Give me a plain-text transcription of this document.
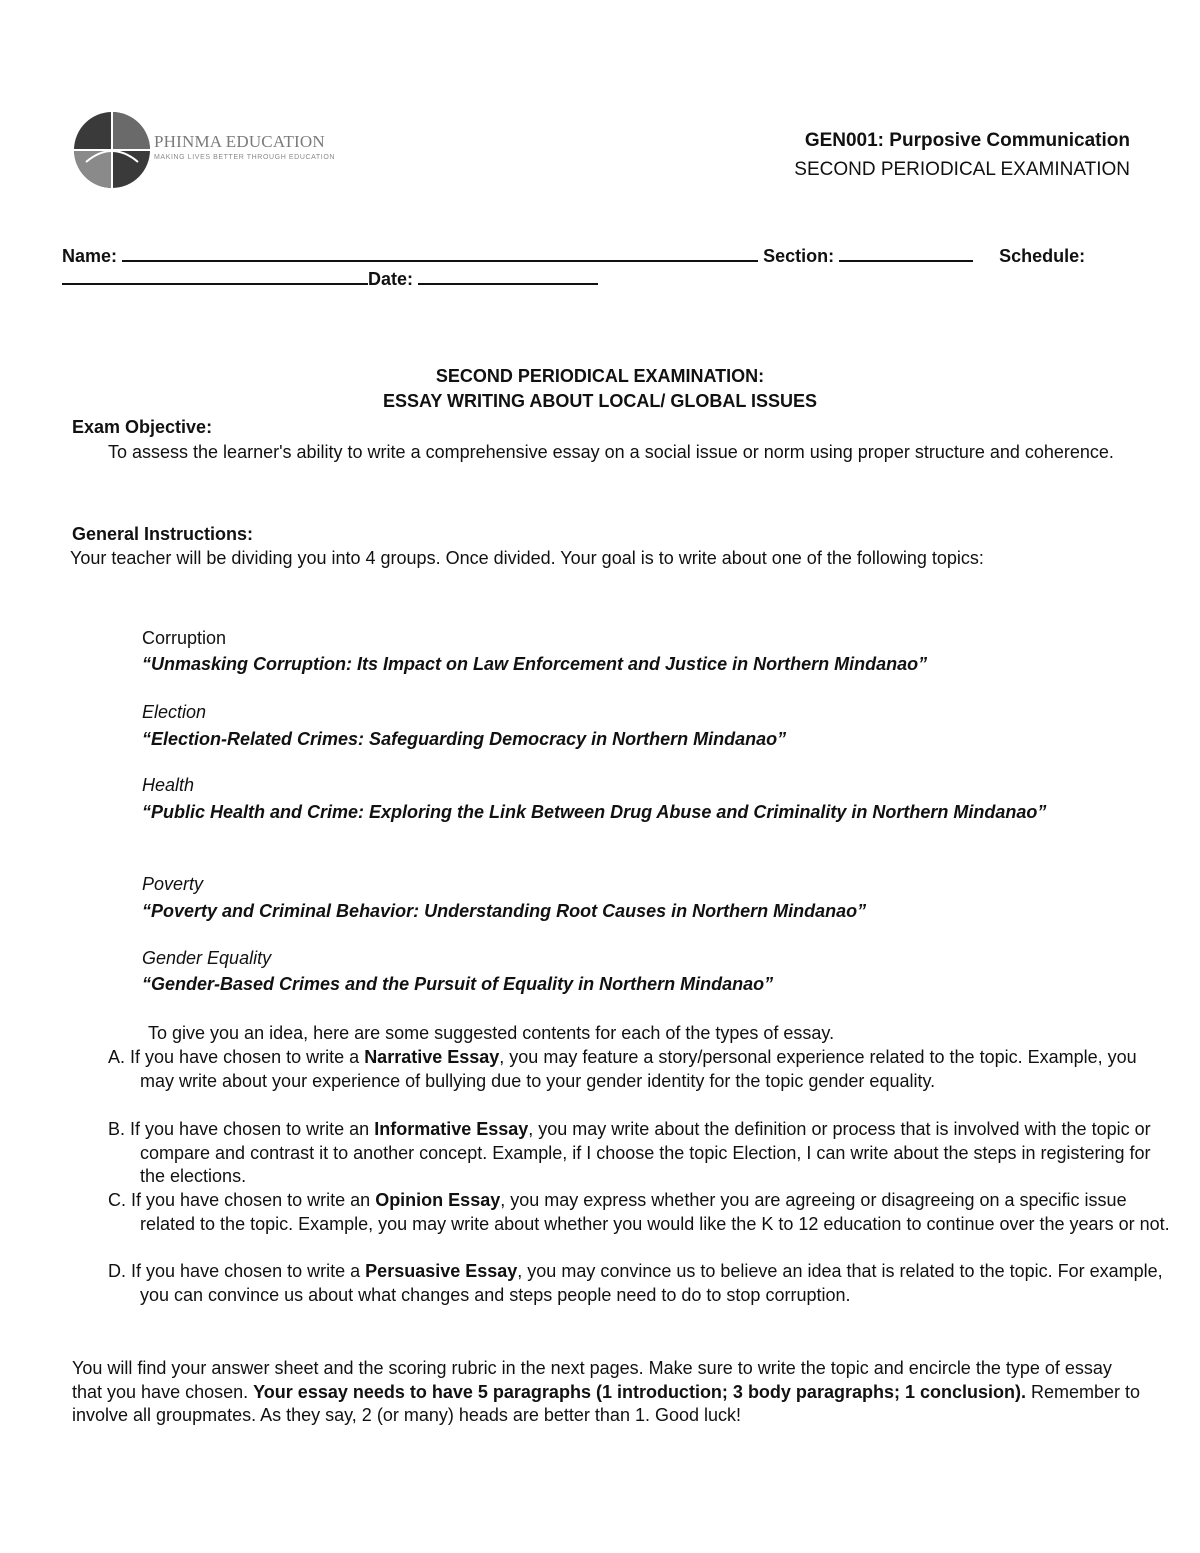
PHINMA EDUCATION
MAKING LIVES BETTER THROUGH EDUCATION
GEN001: Purposive Communication
SECOND PERIODICAL EXAMINATION
Name:	Section:	Schedule:
Date:
SECOND PERIODICAL EXAMINATION:
ESSAY WRITING ABOUT LOCAL/ GLOBAL ISSUES
Exam Objective:
To assess the learner's ability to write a comprehensive essay on a social issue or norm using proper structure and coherence.
General Instructions:
Your teacher will be dividing you into 4 groups. Once divided. Your goal is to write about one of the following topics:
Corruption
“Unmasking Corruption: Its Impact on Law Enforcement and Justice in Northern Mindanao”
Election
“Election-Related Crimes: Safeguarding Democracy in Northern Mindanao”
Health
“Public Health and Crime: Exploring the Link Between Drug Abuse and Criminality in Northern Mindanao”
Poverty
“Poverty and Criminal Behavior: Understanding Root Causes in Northern Mindanao”
Gender Equality
“Gender-Based Crimes and the Pursuit of Equality in Northern Mindanao”
To give you an idea, here are some suggested contents for each of the types of essay.
A. If you have chosen to write a Narrative Essay, you may feature a story/personal experience related to the topic. Example, you may write about your experience of bullying due to your gender identity for the topic gender equality.
B. If you have chosen to write an Informative Essay, you may write about the definition or process that is involved with the topic or compare and contrast it to another concept. Example, if I choose the topic Election, I can write about the steps in registering for the elections.
C. If you have chosen to write an Opinion Essay, you may express whether you are agreeing or disagreeing on a specific issue related to the topic. Example, you may write about whether you would like the K to 12 education to continue over the years or not.
D. If you have chosen to write a Persuasive Essay, you may convince us to believe an idea that is related to the topic. For example, you can convince us about what changes and steps people need to do to stop corruption.
You will find your answer sheet and the scoring rubric in the next pages. Make sure to write the topic and encircle the type of essay that you have chosen. Your essay needs to have 5 paragraphs (1 introduction; 3 body paragraphs; 1 conclusion). Remember to involve all groupmates. As they say, 2 (or many) heads are better than 1. Good luck!
